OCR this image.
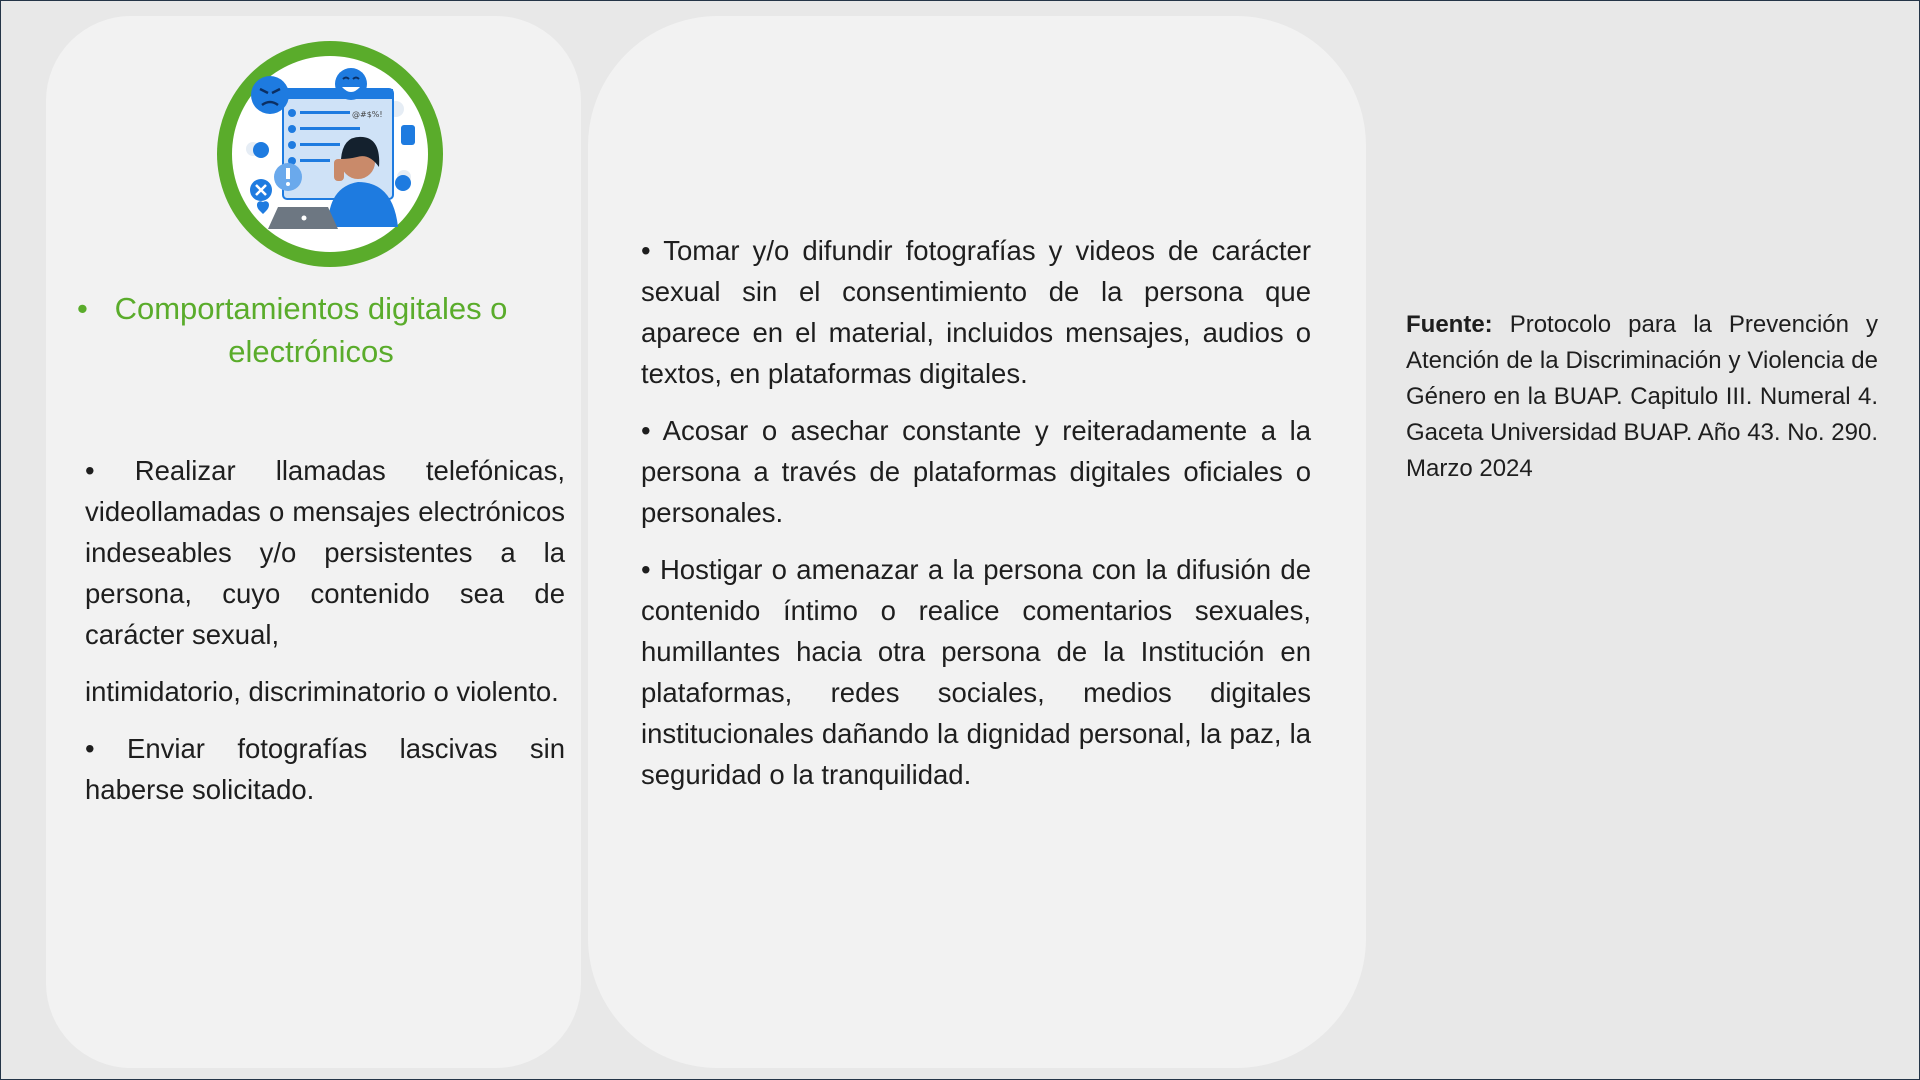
@#$%!
• Comportamientos digitales o electrónicos

• Realizar llamadas telefónicas, videollamadas o mensajes electrónicos indeseables y/o persistentes a la persona, cuyo contenido sea de carácter sexual,

intimidatorio, discriminatorio o violento.

• Enviar fotografías lascivas sin haberse solicitado.

• Tomar y/o difundir fotografías y videos de carácter sexual sin el consentimiento de la persona que aparece en el material, incluidos mensajes, audios o textos, en plataformas digitales.

• Acosar o asechar constante y reiteradamente a la persona a través de plataformas digitales oficiales o personales.

• Hostigar o amenazar a la persona con la difusión de contenido íntimo o realice comentarios sexuales, humillantes hacia otra persona de la Institución en plataformas, redes sociales, medios digitales institucionales dañando la dignidad personal, la paz, la seguridad o la tranquilidad.

Fuente: Protocolo para la Prevención y Atención de la Discriminación y Violencia de Género en la BUAP. Capitulo III. Numeral 4. Gaceta Universidad BUAP. Año 43. No. 290. Marzo 2024
